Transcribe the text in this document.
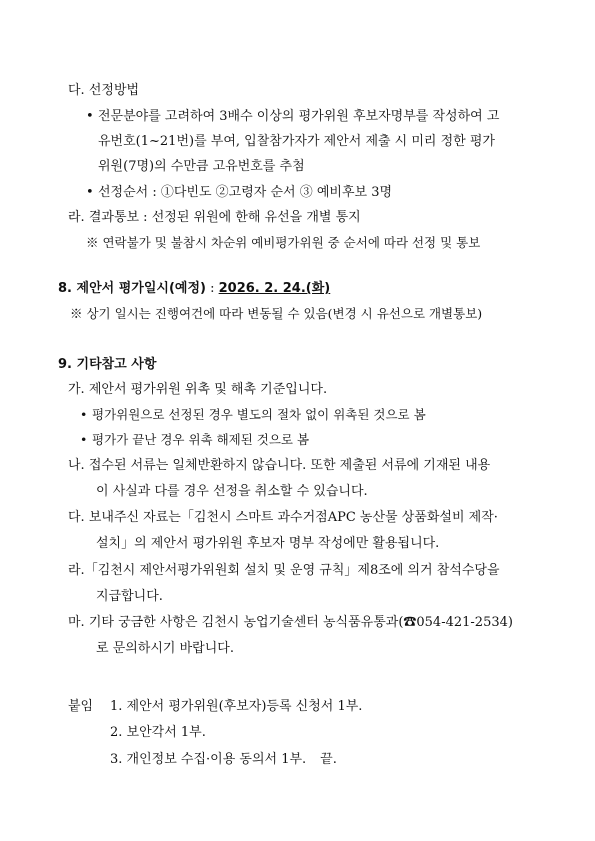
다. 선정방법
• 전문분야를 고려하여 3배수 이상의 평가위원 후보자명부를 작성하여 고
유번호(1~21번)를 부여, 입찰참가자가 제안서 제출 시 미리 정한 평가
위원(7명)의 수만큼 고유번호를 추첨
• 선정순서 : ①다빈도 ②고령자 순서 ③ 예비후보 3명
라. 결과통보 : 선정된 위원에 한해 유선을 개별 통지
※ 연락불가 및 불참시 차순위 예비평가위원 중 순서에 따라 선정 및 통보
8. 제안서 평가일시(예정) : 2026. 2. 24.(화)
※ 상기 일시는 진행여건에 따라 변동될 수 있음(변경 시 유선으로 개별통보)
9. 기타참고 사항
가. 제안서 평가위원 위촉 및 해촉 기준입니다.
• 평가위원으로 선정된 경우 별도의 절차 없이 위촉된 것으로 봄
• 평가가 끝난 경우 위촉 해제된 것으로 봄
나. 접수된 서류는 일체반환하지 않습니다. 또한 제출된 서류에 기재된 내용
이 사실과 다를 경우 선정을 취소할 수 있습니다.
다. 보내주신 자료는「김천시 스마트 과수거점APC 농산물 상품화설비 제작·
설치」의 제안서 평가위원 후보자 명부 작성에만 활용됩니다.
라.「김천시 제안서평가위원회 설치 및 운영 규칙」제8조에 의거 참석수당을
지급합니다.
마. 기타 궁금한 사항은 김천시 농업기술센터 농식품유통과(☎054-421-2534)
로 문의하시기 바랍니다.
붙임 1. 제안서 평가위원(후보자)등록 신청서 1부.
2. 보안각서 1부.
3. 개인정보 수집·이용 동의서 1부. 끝.
